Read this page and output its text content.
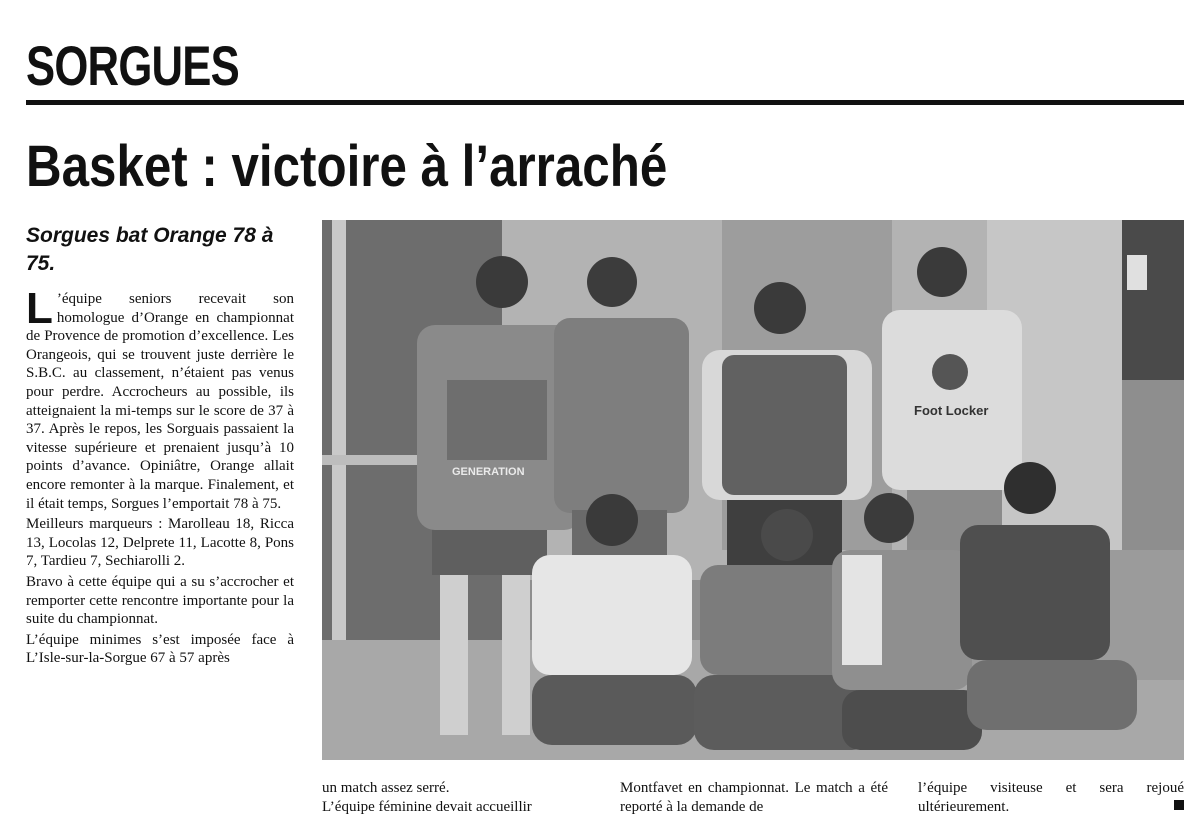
SORGUES
Basket : victoire à l’arraché
Sorgues bat Orange 78 à 75.

L ’équipe seniors recevait son homologue d’Orange en championnat de Provence de promotion d’excellence. Les Orangeois, qui se trouvent juste derrière le S.B.C. au classement, n’étaient pas venus pour perdre. Accrocheurs au possible, ils atteignaient la mi-temps sur le score de 37 à 37. Après le repos, les Sorguais passaient la vitesse supérieure et prenaient jusqu’à 10 points d’avance. Opiniâtre, Orange allait encore remonter à la marque. Finalement, et il était temps, Sorgues l’emportait 78 à 75.

Meilleurs marqueurs : Marolleau 18, Ricca 13, Locolas 12, Delprete 11, Lacotte 8, Pons 7, Tardieu 7, Sechiarolli 2.

Bravo à cette équipe qui a su s’accrocher et remporter cette rencontre importante pour la suite du championnat.

L’équipe minimes s’est imposée face à L’Isle-sur-la-Sorgue 67 à 57 après

GENERATION
Foot Locker

un match assez serré.

L’équipe féminine devait accueillir

Montfavet en championnat. Le match a été reporté à la demande de

l’équipe visiteuse et sera rejoué ultérieurement.
